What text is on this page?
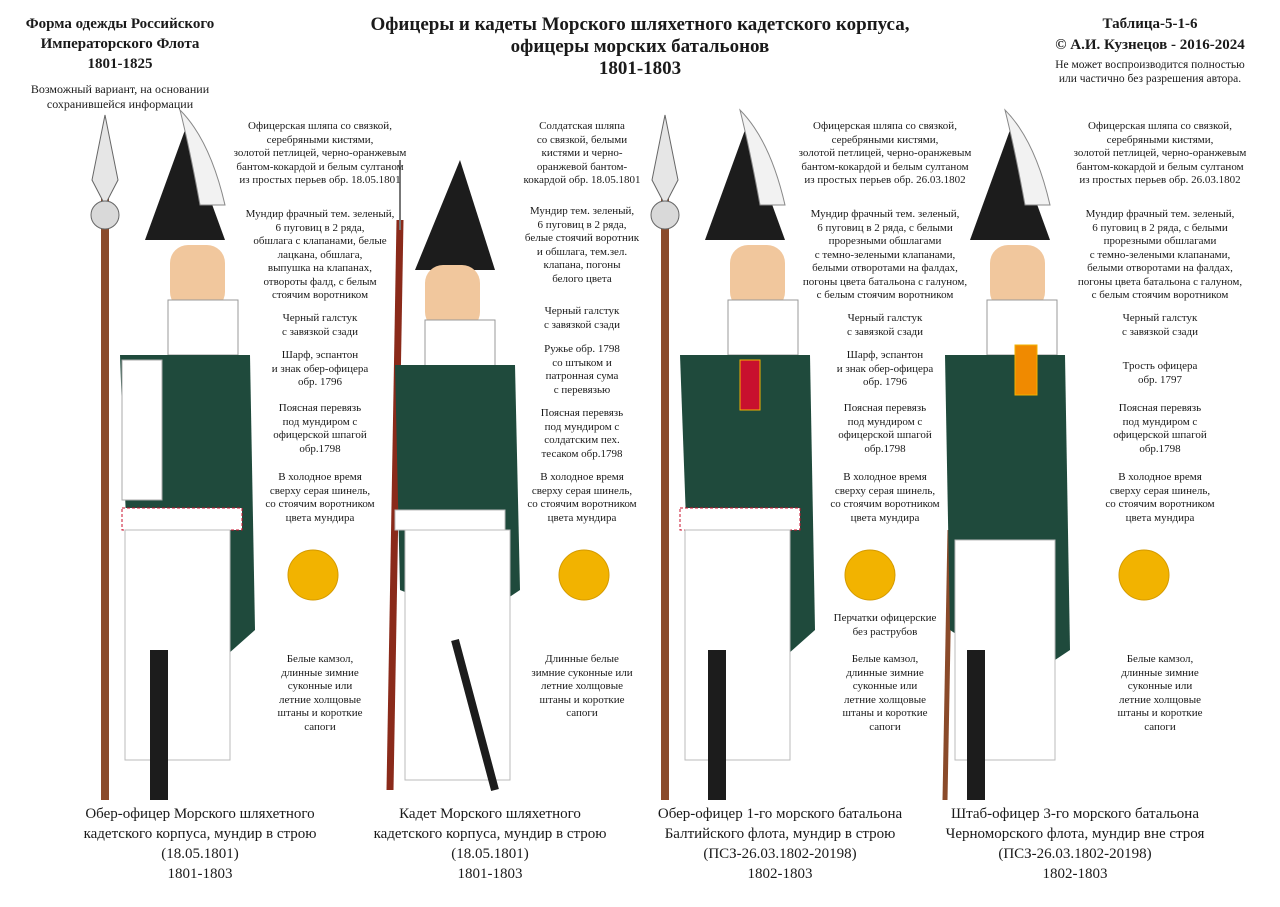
Форма одежды Российского
Императорского Флота
1801-1825
Возможный вариант, на основании
сохранившейся информации
Офицеры и кадеты Морского шляхетного кадетского корпуса,
офицеры морских батальонов
1801-1803
Таблица-5-1-6
© А.И. Кузнецов - 2016-2024
Не может воспроизводится полностью
или частично без разрешения автора.
Офицерская шляпа со связкой,
серебряными кистями,
золотой петлицей, черно-оранжевым
бантом-кокардой и белым султаном
из простых перьев обр. 18.05.1801
Мундир фрачный тем. зеленый,
6 пуговиц в 2 ряда,
обшлага с клапанами, белые
лацкана, обшлага,
выпушка на клапанах,
отвороты фалд, с белым
стоячим воротником
Черный галстук
с завязкой сзади
Шарф, эспантон
и знак обер-офицера
обр. 1796
Поясная перевязь
под мундиром с
офицерской шпагой
обр.1798
В холодное время
сверху серая шинель,
со стоячим воротником
цвета мундира
Белые камзол,
длинные зимние
суконные или
летние холщовые
штаны и короткие
сапоги
Солдатская шляпа
со связкой, белыми
кистями и черно-
оранжевой бантом-
кокардой обр. 18.05.1801
Мундир тем. зеленый,
6 пуговиц в 2 ряда,
белые стоячий воротник
и обшлага, тем.зел.
клапана, погоны
белого цвета
Черный галстук
с завязкой сзади
Ружье обр. 1798
со штыком и
патронная сума
с перевязью
Поясная перевязь
под мундиром с
солдатским пех.
тесаком обр.1798
В холодное время
сверху серая шинель,
со стоячим воротником
цвета мундира
Длинные белые
зимние суконные или
летние холщовые
штаны и короткие
сапоги
Офицерская шляпа со связкой,
серебряными кистями,
золотой петлицей, черно-оранжевым
бантом-кокардой и белым султаном
из простых перьев обр. 26.03.1802
Мундир фрачный тем. зеленый,
6 пуговиц в 2 ряда, с белыми
прорезными обшлагами
с темно-зелеными клапанами,
белыми отворотами на фалдах,
погоны цвета батальона с галуном,
с белым стоячим воротником
Черный галстук
с завязкой сзади
Шарф, эспантон
и знак обер-офицера
обр. 1796
Поясная перевязь
под мундиром с
офицерской шпагой
обр.1798
В холодное время
сверху серая шинель,
со стоячим воротником
цвета мундира
Перчатки офицерские
без раструбов
Белые камзол,
длинные зимние
суконные или
летние холщовые
штаны и короткие
сапоги
Офицерская шляпа со связкой,
серебряными кистями,
золотой петлицей, черно-оранжевым
бантом-кокардой и белым султаном
из простых перьев обр. 26.03.1802
Мундир фрачный тем. зеленый,
6 пуговиц в 2 ряда, с белыми
прорезными обшлагами
с темно-зелеными клапанами,
белыми отворотами на фалдах,
погоны цвета батальона с галуном,
с белым стоячим воротником
Черный галстук
с завязкой сзади
Трость офицера
обр. 1797
Поясная перевязь
под мундиром с
офицерской шпагой
обр.1798
В холодное время
сверху серая шинель,
со стоячим воротником
цвета мундира
Белые камзол,
длинные зимние
суконные или
летние холщовые
штаны и короткие
сапоги
Обер-офицер Морского шляхетного
кадетского корпуса, мундир в строю
(18.05.1801)
1801-1803
Кадет Морского шляхетного
кадетского корпуса, мундир в строю
(18.05.1801)
1801-1803
Обер-офицер 1-го морского батальона
Балтийского флота, мундир в строю
(ПСЗ-26.03.1802-20198)
1802-1803
Штаб-офицер 3-го морского батальона
Черноморского флота, мундир вне строя
(ПСЗ-26.03.1802-20198)
1802-1803
